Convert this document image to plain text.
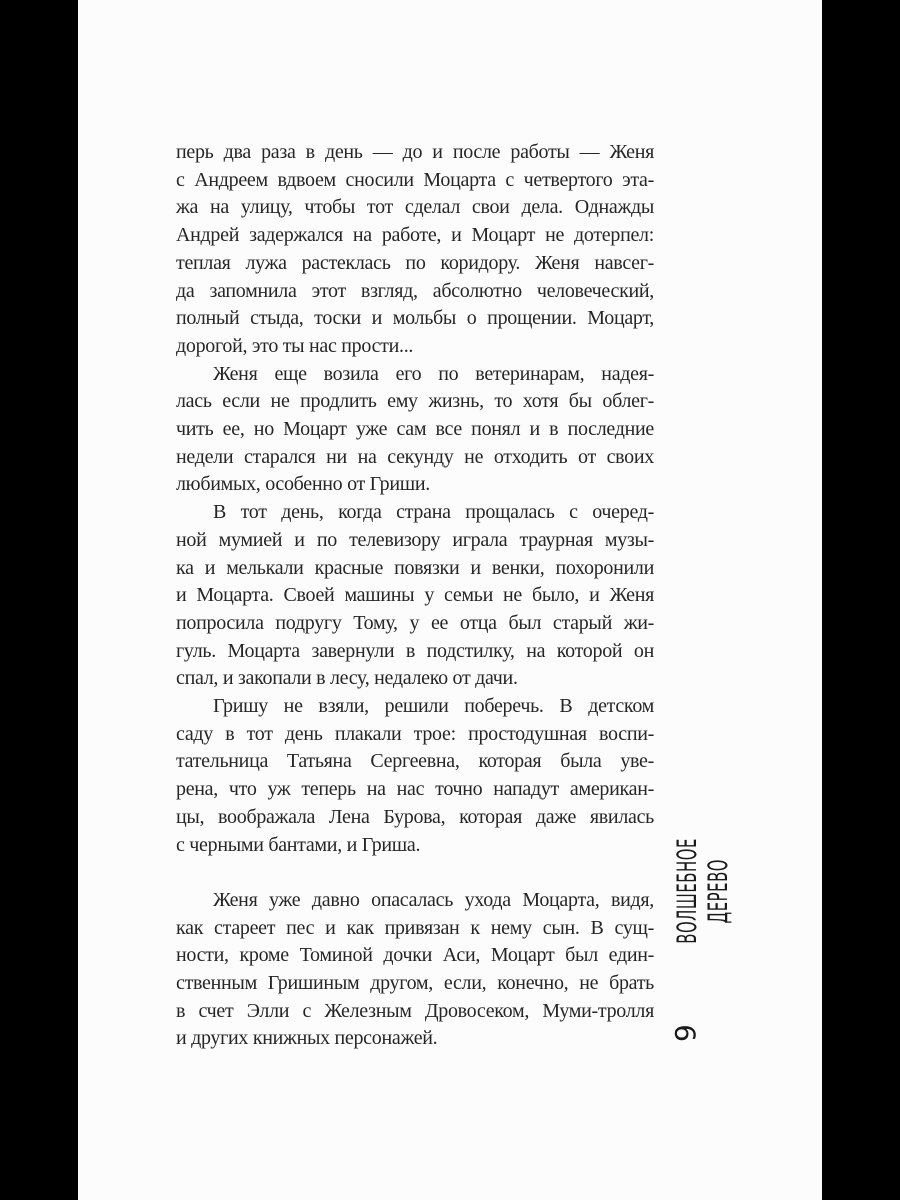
перь два раза в день — до и после работы — Женя
с Андреем вдвоем сносили Моцарта с четвертого эта-
жа на улицу, чтобы тот сделал свои дела. Однажды
Андрей задержался на работе, и Моцарт не дотерпел:
теплая лужа растеклась по коридору. Женя навсег-
да запомнила этот взгляд, абсолютно человеческий,
полный стыда, тоски и мольбы о прощении. Моцарт,
дорогой, это ты нас прости...
Женя еще возила его по ветеринарам, надея-
лась если не продлить ему жизнь, то хотя бы облег-
чить ее, но Моцарт уже сам все понял и в последние
недели старался ни на секунду не отходить от своих
любимых, особенно от Гриши.
В тот день, когда страна прощалась с очеред-
ной мумией и по телевизору играла траурная музы-
ка и мелькали красные повязки и венки, похоронили
и Моцарта. Своей машины у семьи не было, и Женя
попросила подругу Тому, у ее отца был старый жи-
гуль. Моцарта завернули в подстилку, на которой он
спал, и закопали в лесу, недалеко от дачи.
Гришу не взяли, решили поберечь. В детском
саду в тот день плакали трое: простодушная воспи-
тательница Татьяна Сергеевна, которая была уве-
рена, что уж теперь на нас точно нападут американ-
цы, воображала Лена Бурова, которая даже явилась
с черными бантами, и Гриша.
Женя уже давно опасалась ухода Моцарта, видя,
как стареет пес и как привязан к нему сын. В сущ-
ности, кроме Томиной дочки Аси, Моцарт был един-
ственным Гришиным другом, если, конечно, не брать
в счет Элли с Железным Дровосеком, Муми-тролля
и других книжных персонажей.
ВОЛШЕБНОЕ ДЕРЕВО
9
